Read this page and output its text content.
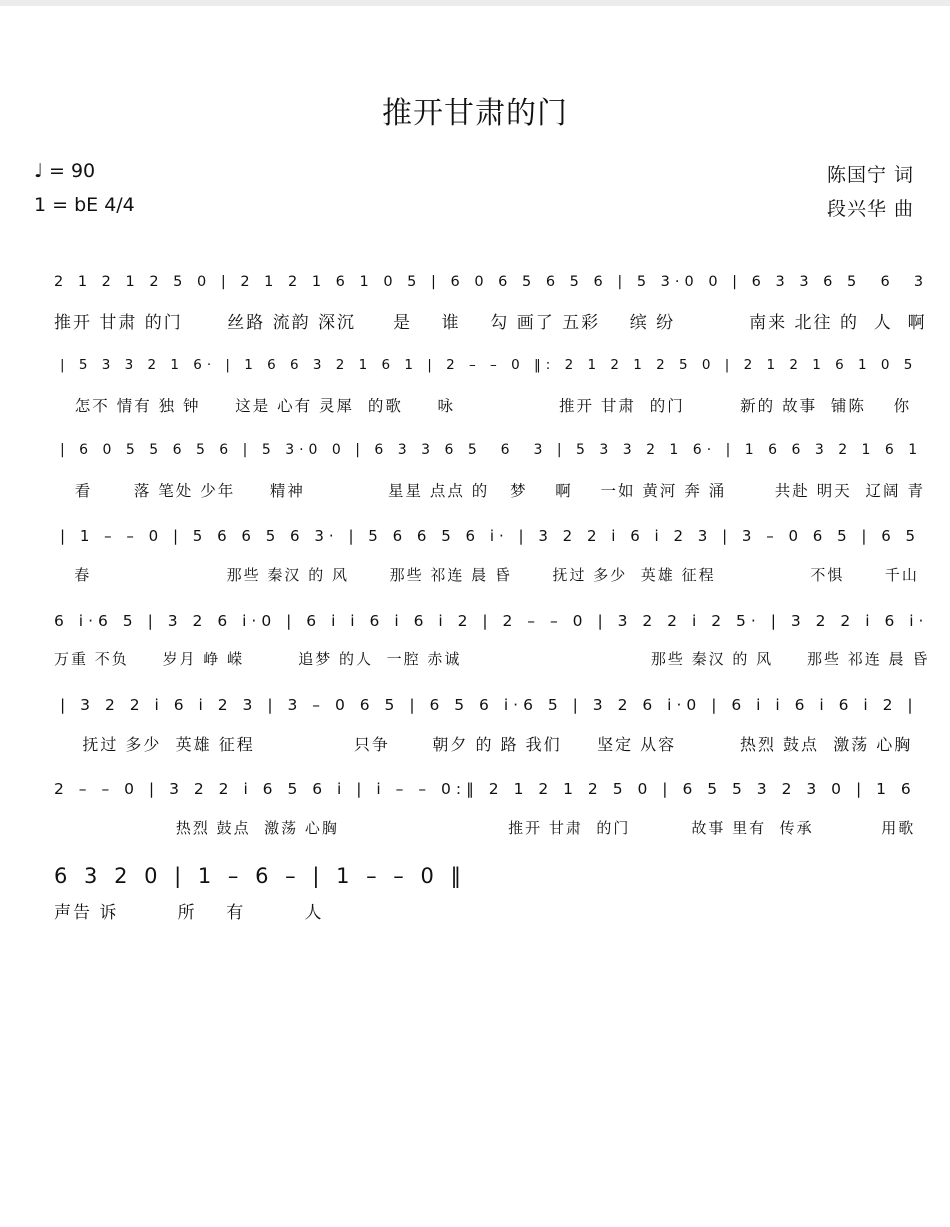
推开甘肃的门
♩ = 90
1 = bE 4/4
陈国宁 词
段兴华 曲
2 1 2 1 2 5 0 | 2 1 2 1 6 1 0 5 | 6 0 6 5 6 5 6 | 5 3·0 0 | 6 3 3 6 5  6  3
推开 甘肃 的门      丝路 流韵 深沉     是    谁    勾 画了 五彩    缤 纷          南来 北往 的  人  啊
| 5 3 3 2 1 6· | 1 6 6 3 2 1 6 1 | 2 – – 0 ‖: 2 1 2 1 2 5 0 | 2 1 2 1 6 1 0 5
怎不 情有 独 钟     这是 心有 灵犀  的歌     咏               推开 甘肃  的门        新的 故事  铺陈    你
| 6 0 5 5 6 5 6 | 5 3·0 0 | 6 3 3 6 5  6  3 | 5 3 3 2 1 6· | 1 6 6 3 2 1 6 1
看      落 笔处 少年     精神            星星 点点 的   梦    啊    一如 黄河 奔 涌       共赴 明天  辽阔 青
| 1 – – 0 | 5 6 6 5 6 3· | 5 6 6 5 6 i· | 3 2 2 i 6 i 2 3 | 3 – 0 6 5 | 6 5
春                    那些 秦汉 的 风      那些 祁连 晨 昏      抚过 多少  英雄 征程              不惧      千山
6 i·6 5 | 3 2 6 i·0 | 6 i i 6 i 6 i 2 | 2 – – 0 | 3 2 2 i 2 5· | 3 2 2 i 6 i·
万重 不负     岁月 峥 嵘        追梦 的人  一腔 赤诚                            那些 秦汉 的 风     那些 祁连 晨 昏
| 3 2 2 i 6 i 2 3 | 3 – 0 6 5 | 6 5 6 i·6 5 | 3 2 6 i·0 | 6 i i 6 i 6 i 2 |
抚过 多少  英雄 征程              只争      朝夕 的 路 我们     坚定 从容         热烈 鼓点  激荡 心胸
2 – – 0 | 3 2 2 i 6 5 6 i | i – – 0:‖ 2 1 2 1 2 5 0 | 6 5 5 3 2 3 0 | 1 6
热烈 鼓点  激荡 心胸                         推开 甘肃  的门         故事 里有  传承          用歌
6 3 2 0 | 1 – 6 – | 1 – – 0 ‖
声告 诉        所    有        人
